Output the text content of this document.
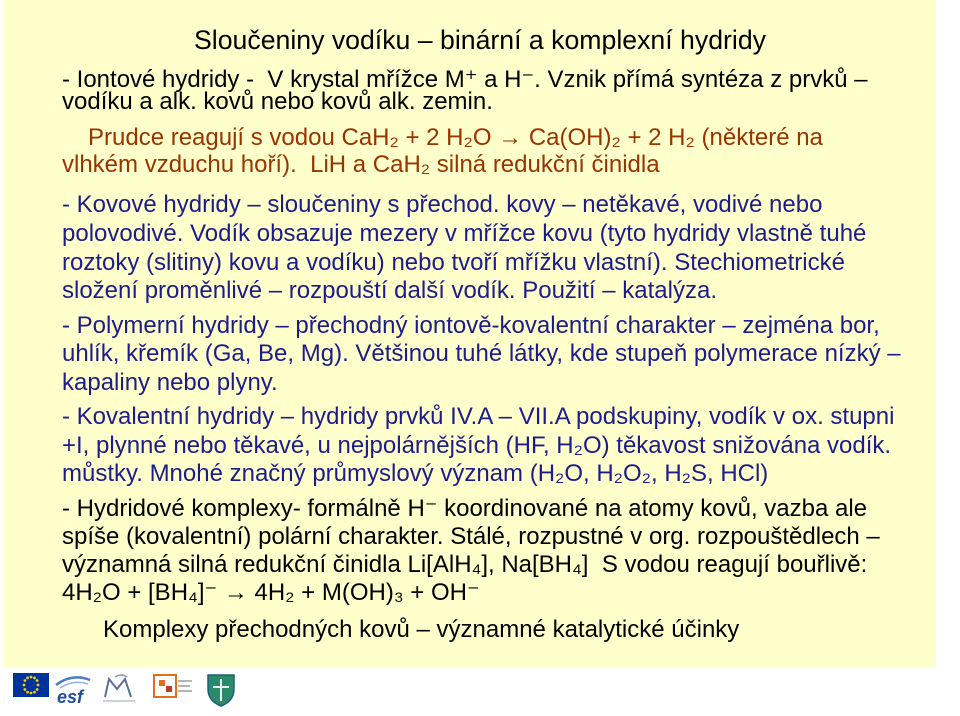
Sloučeniny vodíku – binární a komplexní hydridy
- Iontové hydridy -  V krystal mřížce M⁺ a H⁻. Vznik přímá syntéza z prvků –
vodíku a alk. kovů nebo kovů alk. zemin.
Prudce reagují s vodou CaH₂ + 2 H₂O → Ca(OH)₂ + 2 H₂ (některé na
vlhkém vzduchu hoří).  LiH a CaH₂ silná redukční činidla
- Kovové hydridy – sloučeniny s přechod. kovy – netěkavé, vodivé nebo
polovodivé. Vodík obsazuje mezery v mřížce kovu (tyto hydridy vlastně tuhé
roztoky (slitiny) kovu a vodíku) nebo tvoří mřížku vlastní). Stechiometrické
složení proměnlivé – rozpouští další vodík. Použití – katalýza.
- Polymerní hydridy – přechodný iontově-kovalentní charakter – zejména bor,
uhlík, křemík (Ga, Be, Mg). Většinou tuhé látky, kde stupeň polymerace nízký –
kapaliny nebo plyny.
- Kovalentní hydridy – hydridy prvků IV.A – VII.A podskupiny, vodík v ox. stupni
+I, plynné nebo těkavé, u nejpolárnějších (HF, H₂O) těkavost snižována vodík.
můstky. Mnohé značný průmyslový význam (H₂O, H₂O₂, H₂S, HCl)
- Hydridové komplexy- formálně H⁻ koordinované na atomy kovů, vazba ale
spíše (kovalentní) polární charakter. Stálé, rozpustné v org. rozpouštědlech –
významná silná redukční činidla Li[AlH₄], Na[BH₄]  S vodou reagují bouřlivě:
4H₂O + [BH₄]⁻ → 4H₂ + M(OH)₃ + OH⁻
Komplexy přechodných kovů – významné katalytické účinky
esf
